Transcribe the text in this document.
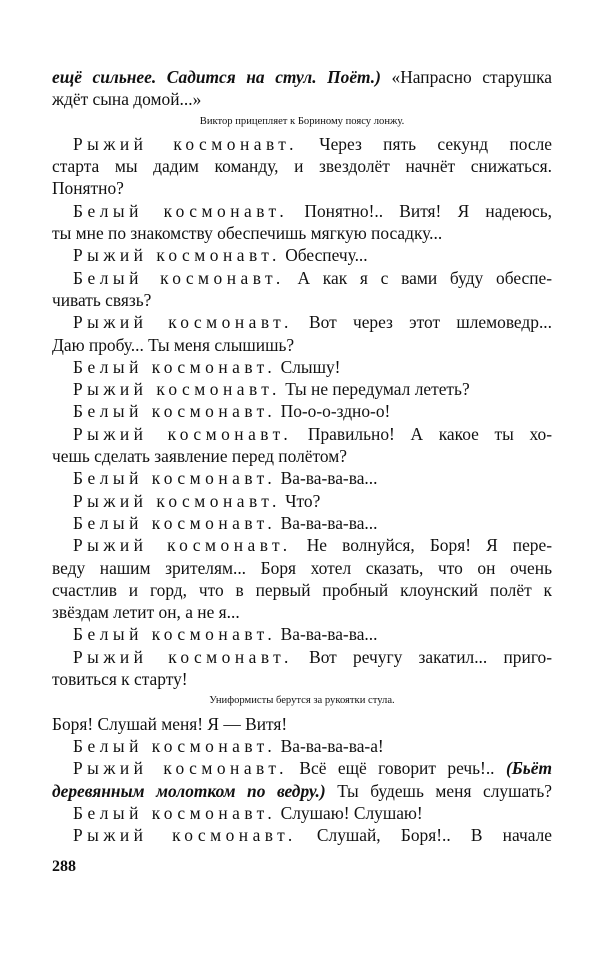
ещё сильнее. Садится на стул. Поёт.) «Напрасно старушка
ждёт сына домой...»
Виктор прицепляет к Бориному поясу лонжу.
Рыжий космонавт. Через пять секунд после
старта мы дадим команду, и звездолёт начнёт снижаться.
Понятно?
Белый космонавт. Понятно!.. Витя! Я надеюсь,
ты мне по знакомству обеспечишь мягкую посадку...
Рыжий космонавт. Обеспечу...
Белый космонавт. А как я с вами буду обеспе-
чивать связь?
Рыжий космонавт. Вот через этот шлемоведр...
Даю пробу... Ты меня слышишь?
Белый космонавт. Слышу!
Рыжий космонавт. Ты не передумал лететь?
Белый космонавт. По-о-о-здно-о!
Рыжий космонавт. Правильно! А какое ты хо-
чешь сделать заявление перед полётом?
Белый космонавт. Ва-ва-ва-ва...
Рыжий космонавт. Что?
Белый космонавт. Ва-ва-ва-ва...
Рыжий космонавт. Не волнуйся, Боря! Я пере-
веду нашим зрителям... Боря хотел сказать, что он очень
счастлив и горд, что в первый пробный клоунский полёт к
звёздам летит он, а не я...
Белый космонавт. Ва-ва-ва-ва...
Рыжий космонавт. Вот речугу закатил... приго-
товиться к старту!
Униформисты берутся за рукоятки стула.
Боря! Слушай меня! Я — Витя!
Белый космонавт. Ва-ва-ва-ва-а!
Рыжий космонавт. Всё ещё говорит речь!.. (Бьёт
деревянным молотком по ведру.) Ты будешь меня слушать?
Белый космонавт. Слушаю! Слушаю!
Рыжий космонавт. Слушай, Боря!.. В начале
288
